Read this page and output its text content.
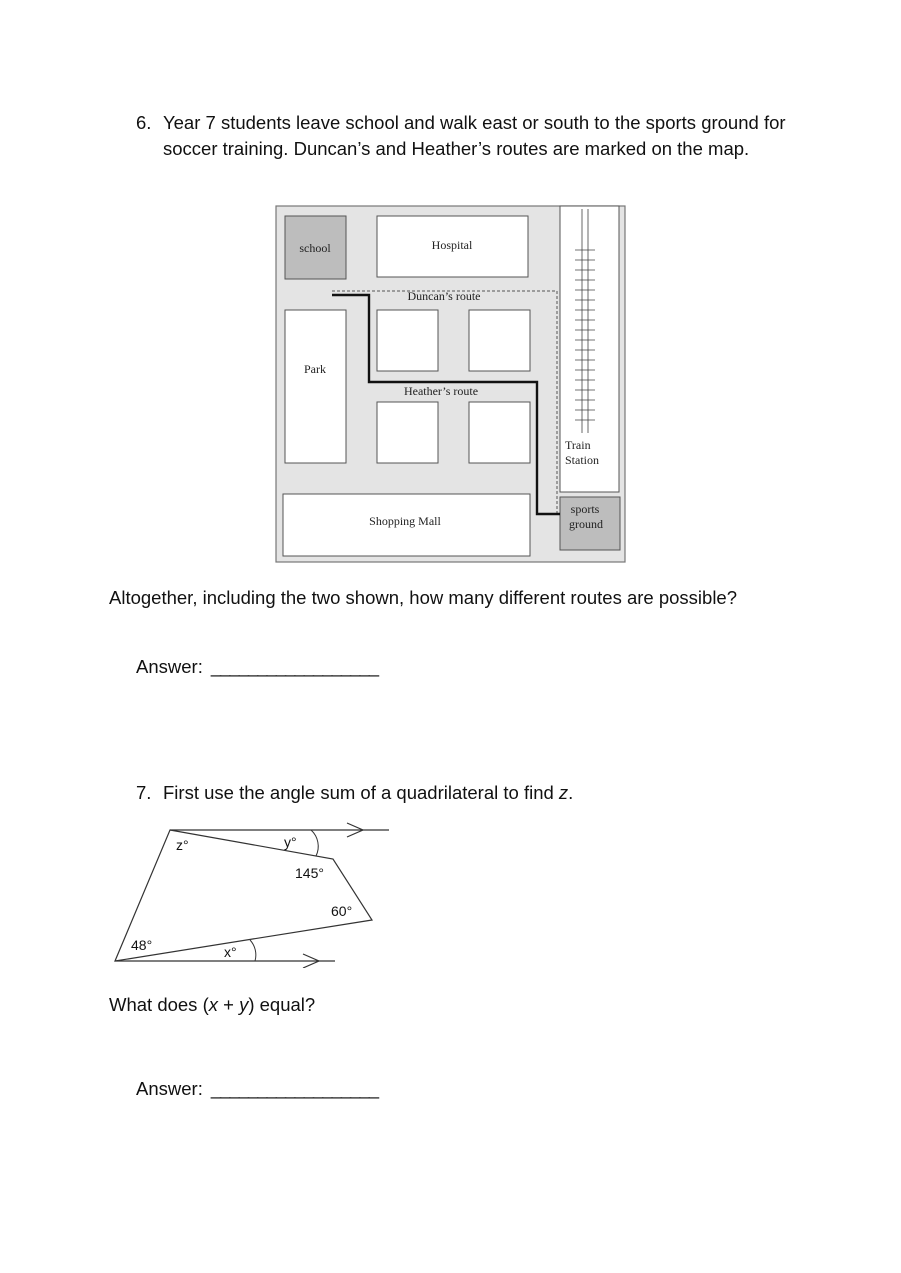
6. Year 7 students leave school and walk east or south to the sports ground for soccer training. Duncan’s and Heather’s routes are marked on the map.
school	Hospital
Park
Shopping Mall
Train
Station
sports
ground
Duncan’s route
Heather’s route
Altogether, including the two shown, how many different routes are possible?
Answer: __________________
7. First use the angle sum of a quadrilateral to find z.
z°	y°
145°
60°
48°	x°
What does (x + y) equal?
Answer: __________________
